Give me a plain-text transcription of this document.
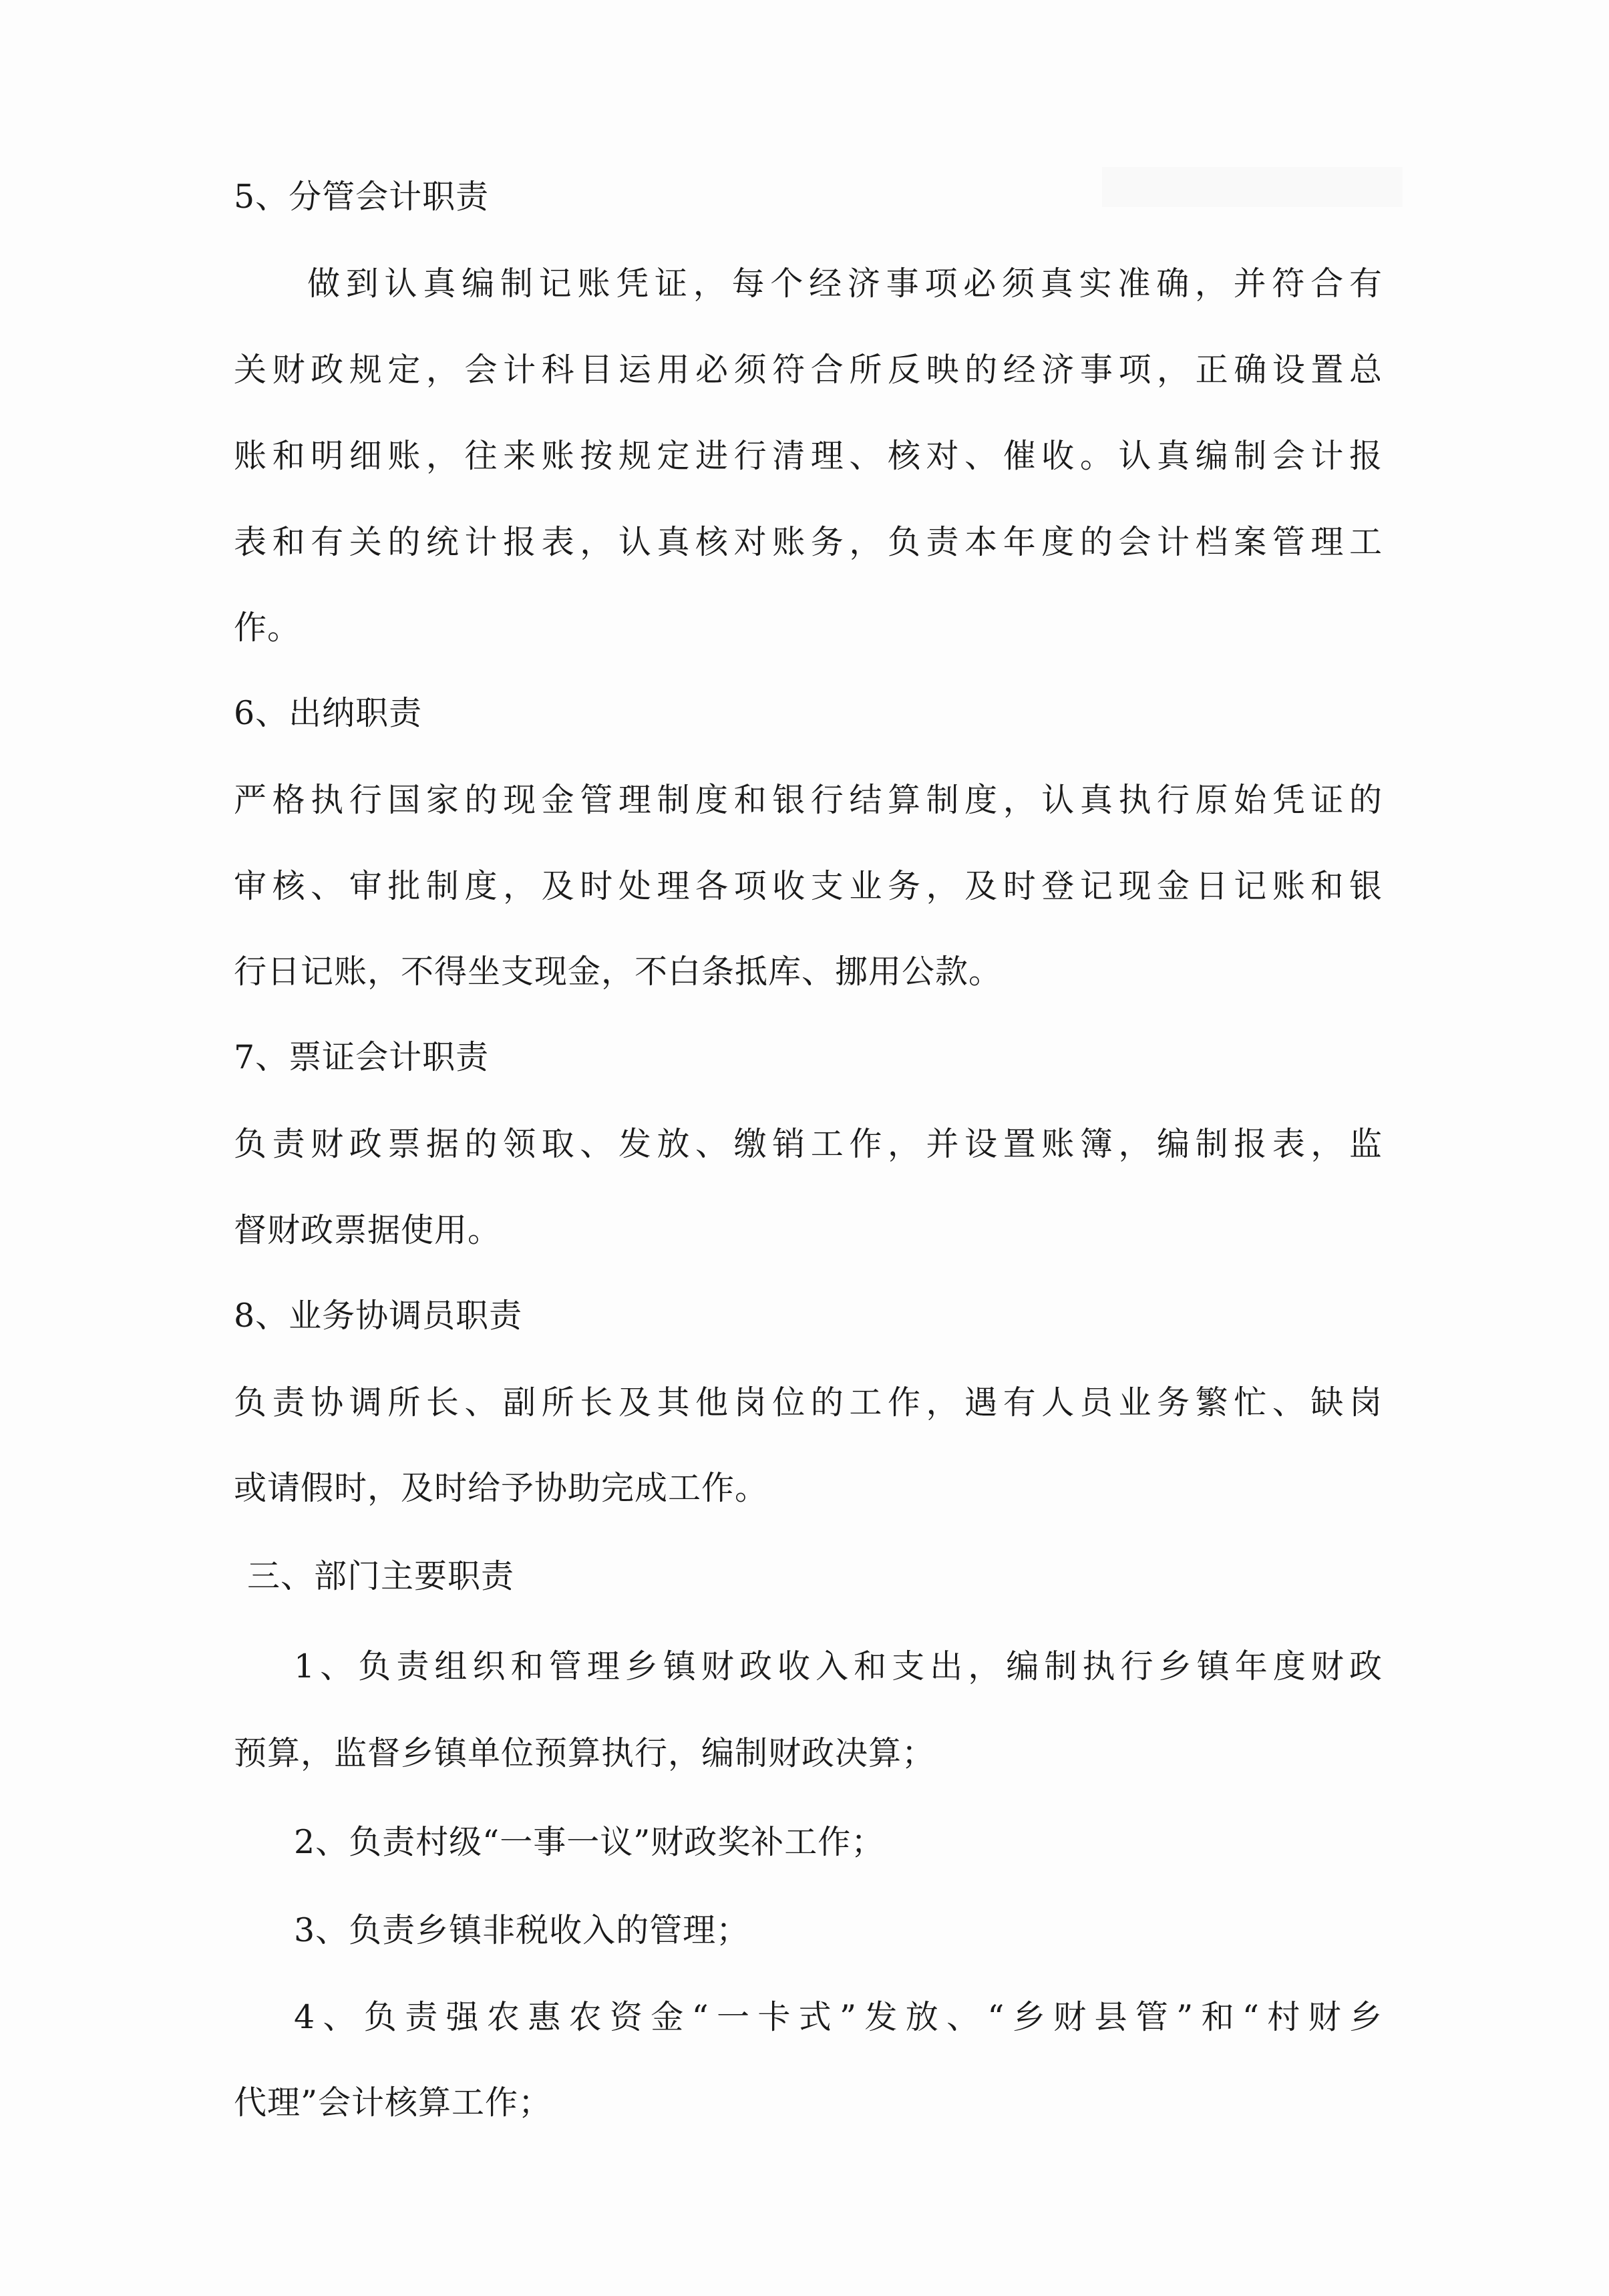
5、分管会计职责
做到认真编制记账凭证，每个经济事项必须真实准确，并符合有
关财政规定，会计科目运用必须符合所反映的经济事项，正确设置总
账和明细账，往来账按规定进行清理、核对、催收。认真编制会计报
表和有关的统计报表，认真核对账务，负责本年度的会计档案管理工
作。
6、出纳职责
严格执行国家的现金管理制度和银行结算制度，认真执行原始凭证的
审核、审批制度，及时处理各项收支业务，及时登记现金日记账和银
行日记账，不得坐支现金，不白条抵库、挪用公款。
7、票证会计职责
负责财政票据的领取、发放、缴销工作，并设置账簿，编制报表，监
督财政票据使用。
8、业务协调员职责
负责协调所长、副所长及其他岗位的工作，遇有人员业务繁忙、缺岗
或请假时，及时给予协助完成工作。
三、部门主要职责
1、负责组织和管理乡镇财政收入和支出，编制执行乡镇年度财政
预算，监督乡镇单位预算执行，编制财政决算；
2、负责村级“一事一议”财政奖补工作；
3、负责乡镇非税收入的管理；
4、负责强农惠农资金“一卡式”发放、“乡财县管”和“村财乡
代理”会计核算工作；
